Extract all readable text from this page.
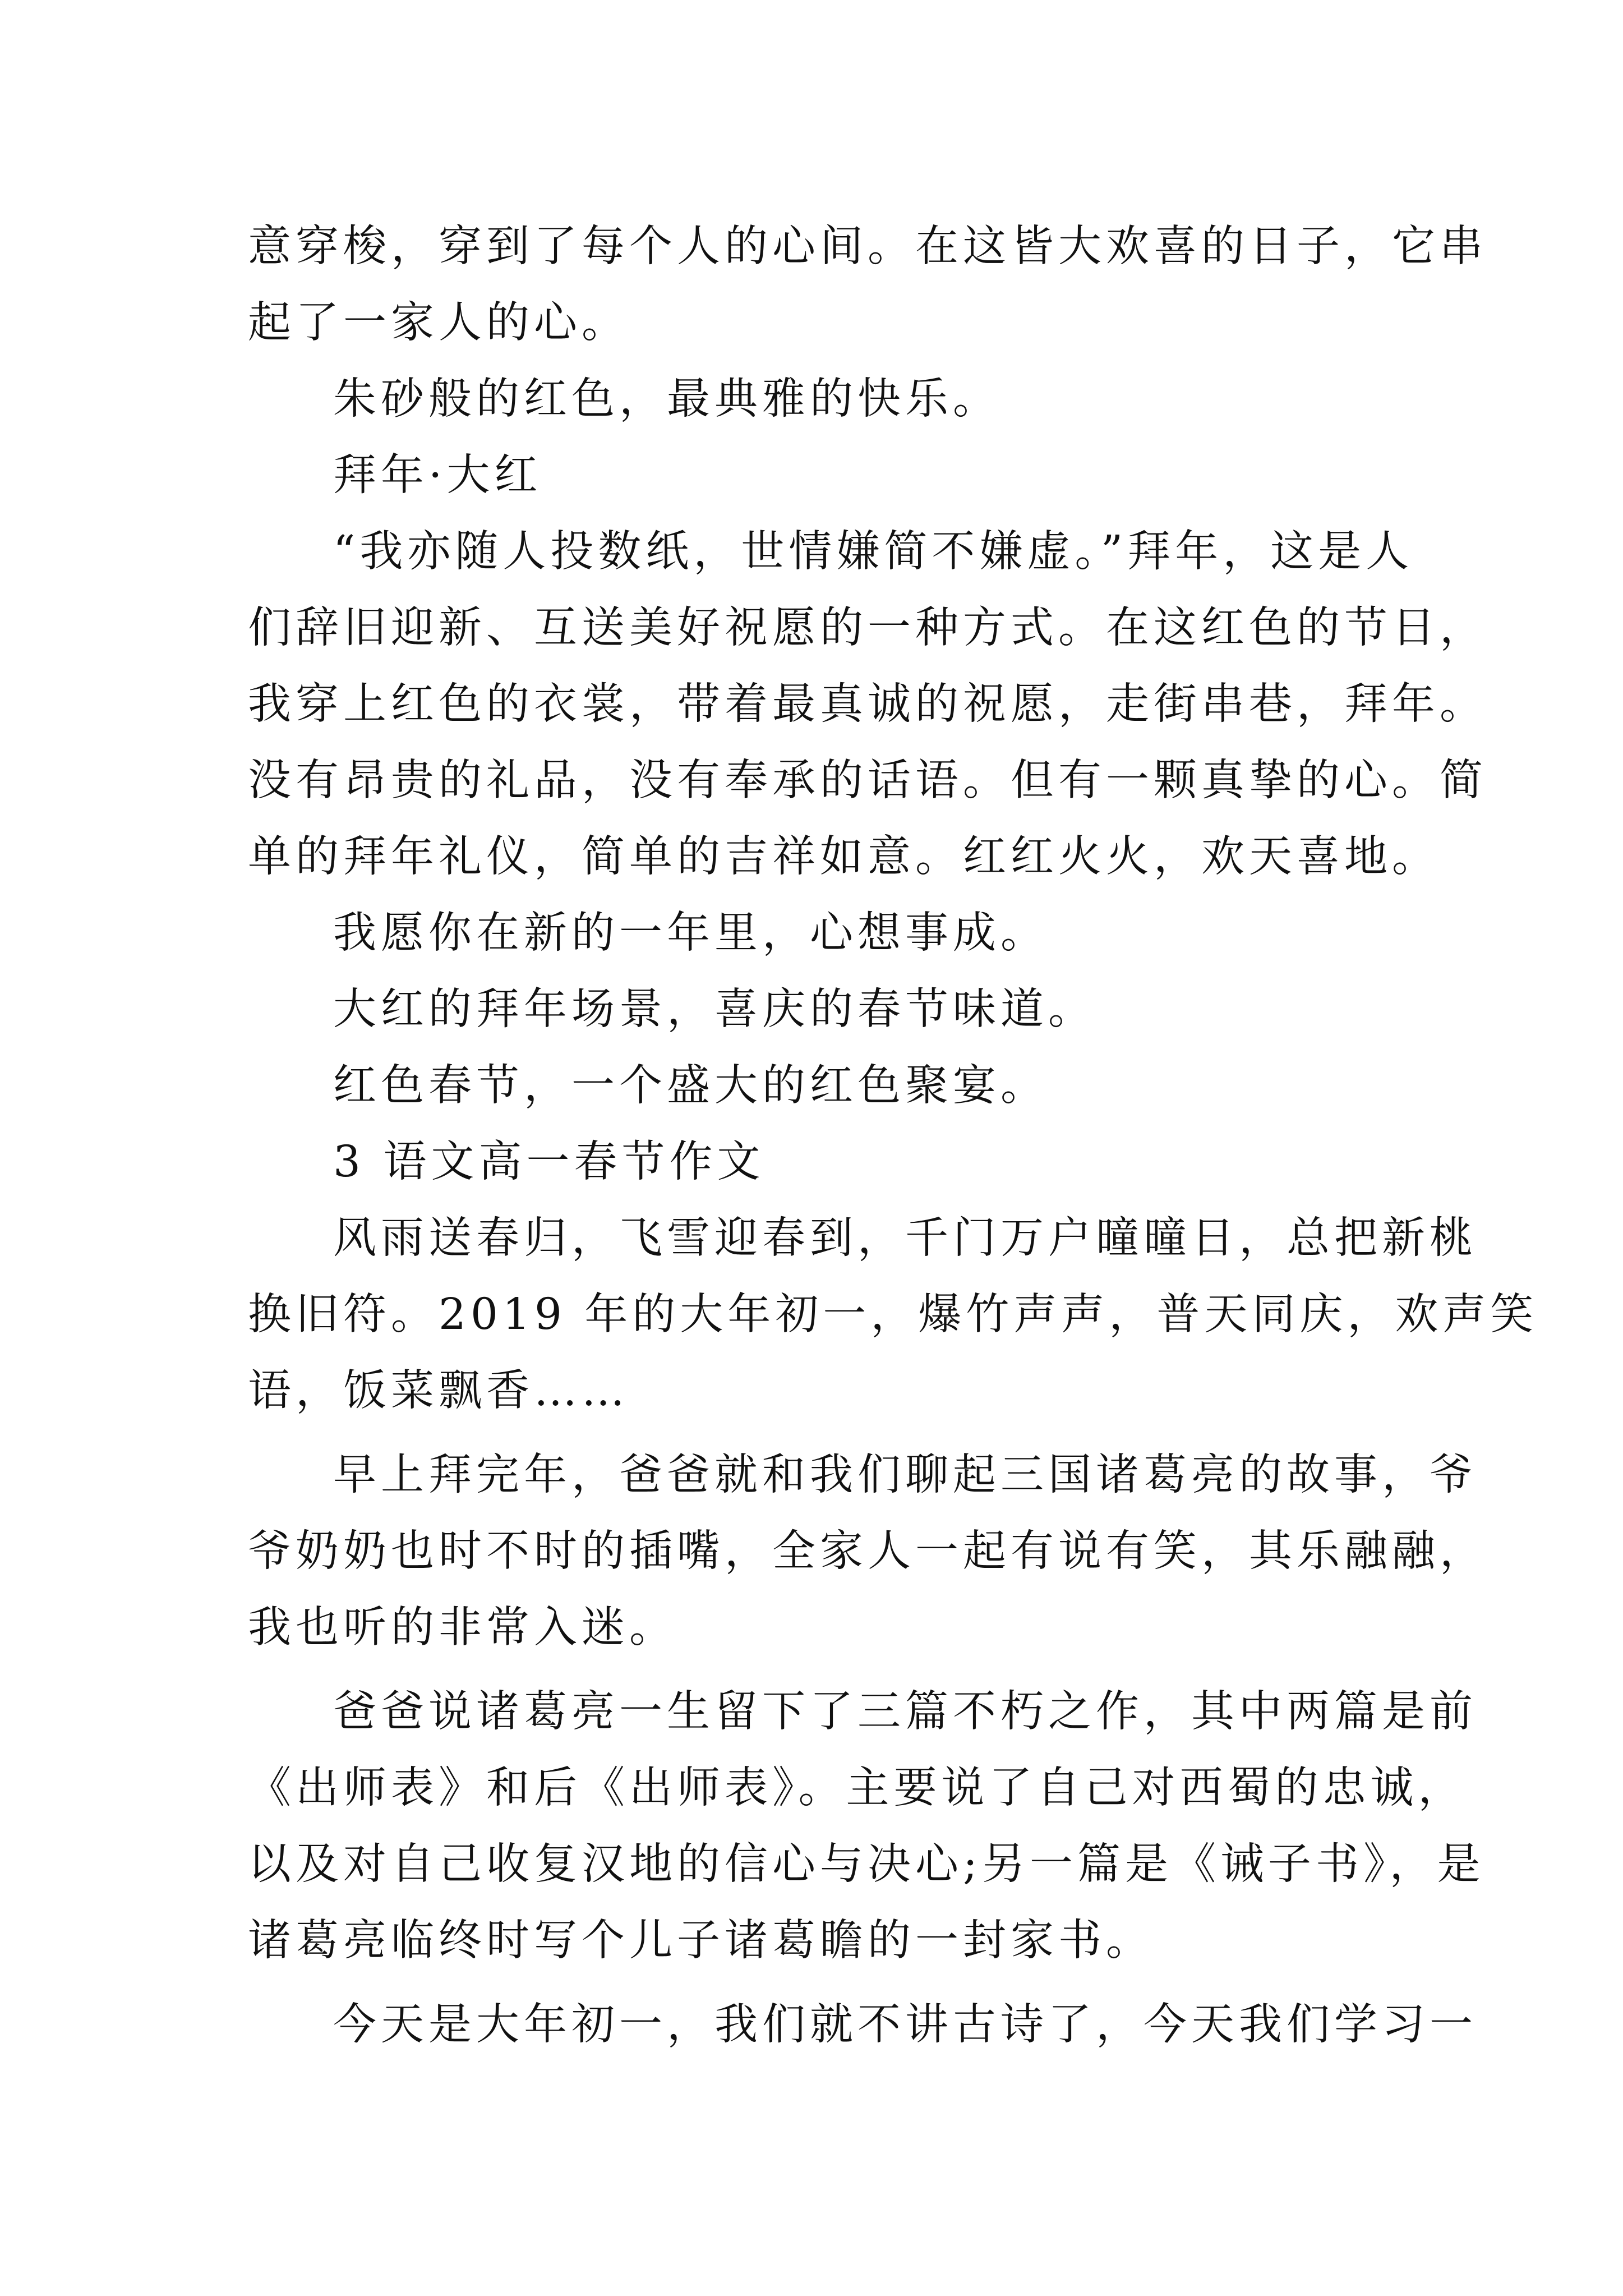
意穿梭，穿到了每个人的心间。在这皆大欢喜的日子，它串

起了一家人的心。

朱砂般的红色，最典雅的快乐。

拜年·大红

“我亦随人投数纸，世情嫌简不嫌虚。”拜年，这是人

们辞旧迎新、互送美好祝愿的一种方式。在这红色的节日，

我穿上红色的衣裳，带着最真诚的祝愿，走街串巷，拜年。

没有昂贵的礼品，没有奉承的话语。但有一颗真挚的心。简

单的拜年礼仪，简单的吉祥如意。红红火火，欢天喜地。

我愿你在新的一年里，心想事成。

大红的拜年场景，喜庆的春节味道。

红色春节，一个盛大的红色聚宴。

3 语文高一春节作文

风雨送春归，飞雪迎春到，千门万户曈曈日，总把新桃

换旧符。2019 年的大年初一，爆竹声声，普天同庆，欢声笑

语，饭菜飘香……

早上拜完年，爸爸就和我们聊起三国诸葛亮的故事，爷

爷奶奶也时不时的插嘴，全家人一起有说有笑，其乐融融，

我也听的非常入迷。

爸爸说诸葛亮一生留下了三篇不朽之作，其中两篇是前

《出师表》和后《出师表》。主要说了自己对西蜀的忠诚，

以及对自己收复汉地的信心与决心;另一篇是《诫子书》，是

诸葛亮临终时写个儿子诸葛瞻的一封家书。

今天是大年初一，我们就不讲古诗了，今天我们学习一
